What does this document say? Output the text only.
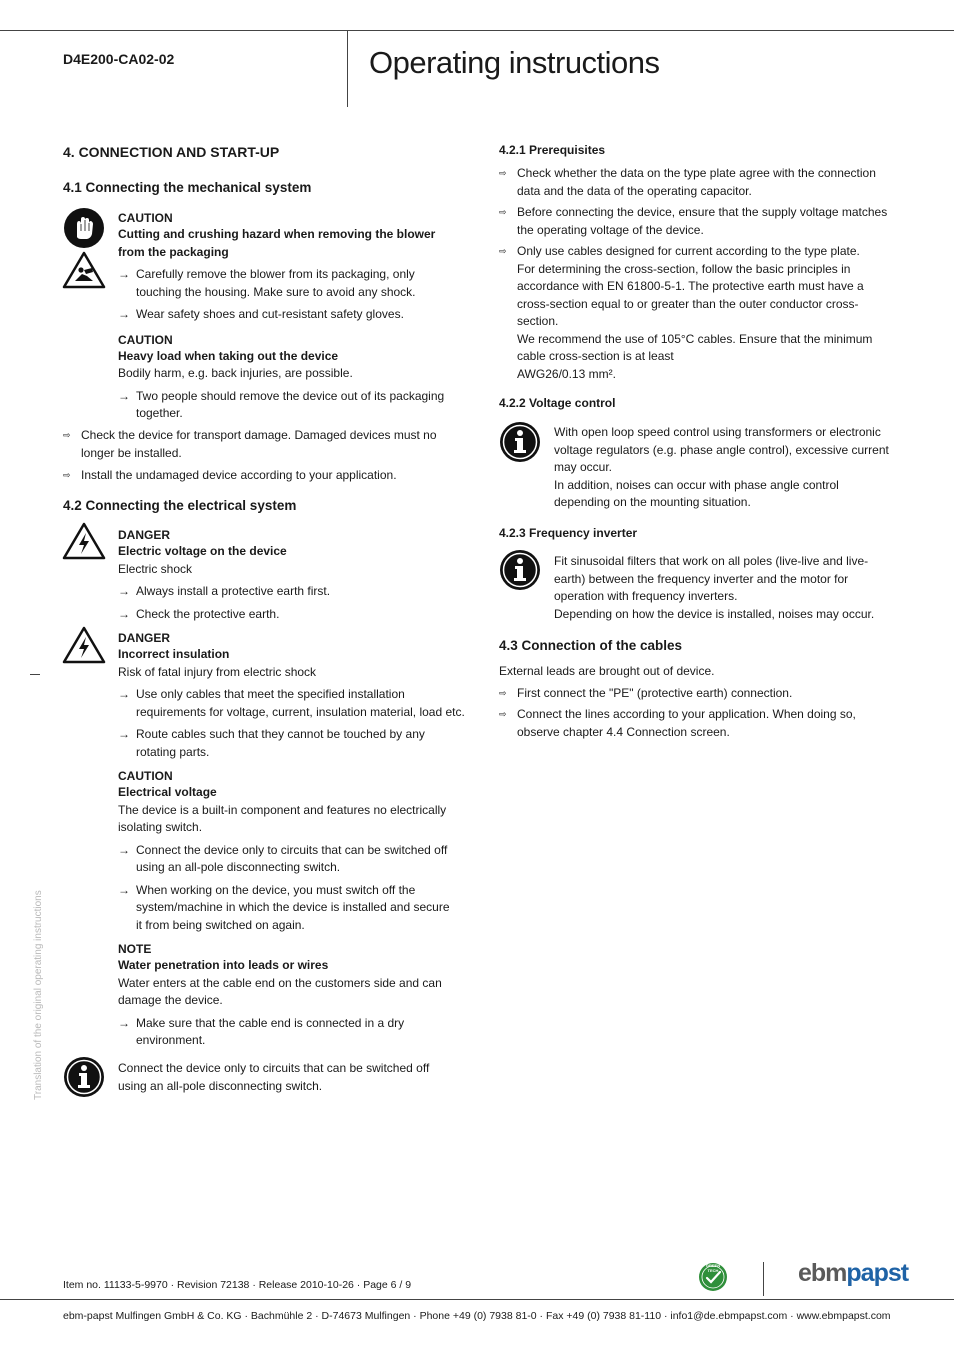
D4E200-CA02-02	Operating instructions
4. CONNECTION AND START-UP
4.1 Connecting the mechanical system
CAUTION
Cutting and crushing hazard when removing the blower
from the packaging
→ Carefully remove the blower from its packaging, only
touching the housing. Make sure to avoid any shock.
→ Wear safety shoes and cut-resistant safety gloves.
CAUTION
Heavy load when taking out the device
Bodily harm, e.g. back injuries, are possible.
→ Two people should remove the device out of its packaging
together.
⇨ Check the device for transport damage. Damaged devices must no
longer be installed.
⇨ Install the undamaged device according to your application.
4.2 Connecting the electrical system
DANGER
Electric voltage on the device
Electric shock
→ Always install a protective earth first.
→ Check the protective earth.
DANGER
Incorrect insulation
Risk of fatal injury from electric shock
→ Use only cables that meet the specified installation
requirements for voltage, current, insulation material, load etc.
→ Route cables such that they cannot be touched by any
rotating parts.
CAUTION
Electrical voltage
The device is a built-in component and features no electrically
isolating switch.
→ Connect the device only to circuits that can be switched off
using an all-pole disconnecting switch.
→ When working on the device, you must switch off the
system/machine in which the device is installed and secure
it from being switched on again.
NOTE
Water penetration into leads or wires
Water enters at the cable end on the customers side and can
damage the device.
→ Make sure that the cable end is connected in a dry
environment.
Connect the device only to circuits that can be switched off
using an all-pole disconnecting switch.
4.2.1 Prerequisites
⇨ Check whether the data on the type plate agree with the connection
data and the data of the operating capacitor.
⇨ Before connecting the device, ensure that the supply voltage matches
the operating voltage of the device.
⇨ Only use cables designed for current according to the type plate.
For determining the cross-section, follow the basic principles in
accordance with EN 61800-5-1. The protective earth must have a
cross-section equal to or greater than the outer conductor cross-
section.
We recommend the use of 105°C cables. Ensure that the minimum
cable cross-section is at least
AWG26/0.13 mm².
4.2.2 Voltage control
With open loop speed control using transformers or electronic
voltage regulators (e.g. phase angle control), excessive current
may occur.
In addition, noises can occur with phase angle control
depending on the mounting situation.
4.2.3 Frequency inverter
Fit sinusoidal filters that work on all poles (live-live and live-
earth) between the frequency inverter and the motor for
operation with frequency inverters.
Depending on how the device is installed, noises may occur.
4.3 Connection of the cables
External leads are brought out of device.
⇨ First connect the "PE" (protective earth) connection.
⇨ Connect the lines according to your application. When doing so,
observe chapter 4.4 Connection screen.
Translation of the original operating instructions
Item no. 11133-5-9970 · Revision 72138 · Release 2010-10-26 · Page 6 / 9
GREEN TECH	ebmpapst
ebm-papst Mulfingen GmbH & Co. KG · Bachmühle 2 · D-74673 Mulfingen · Phone +49 (0) 7938 81-0 · Fax +49 (0) 7938 81-110 · info1@de.ebmpapst.com · www.ebmpapst.com
